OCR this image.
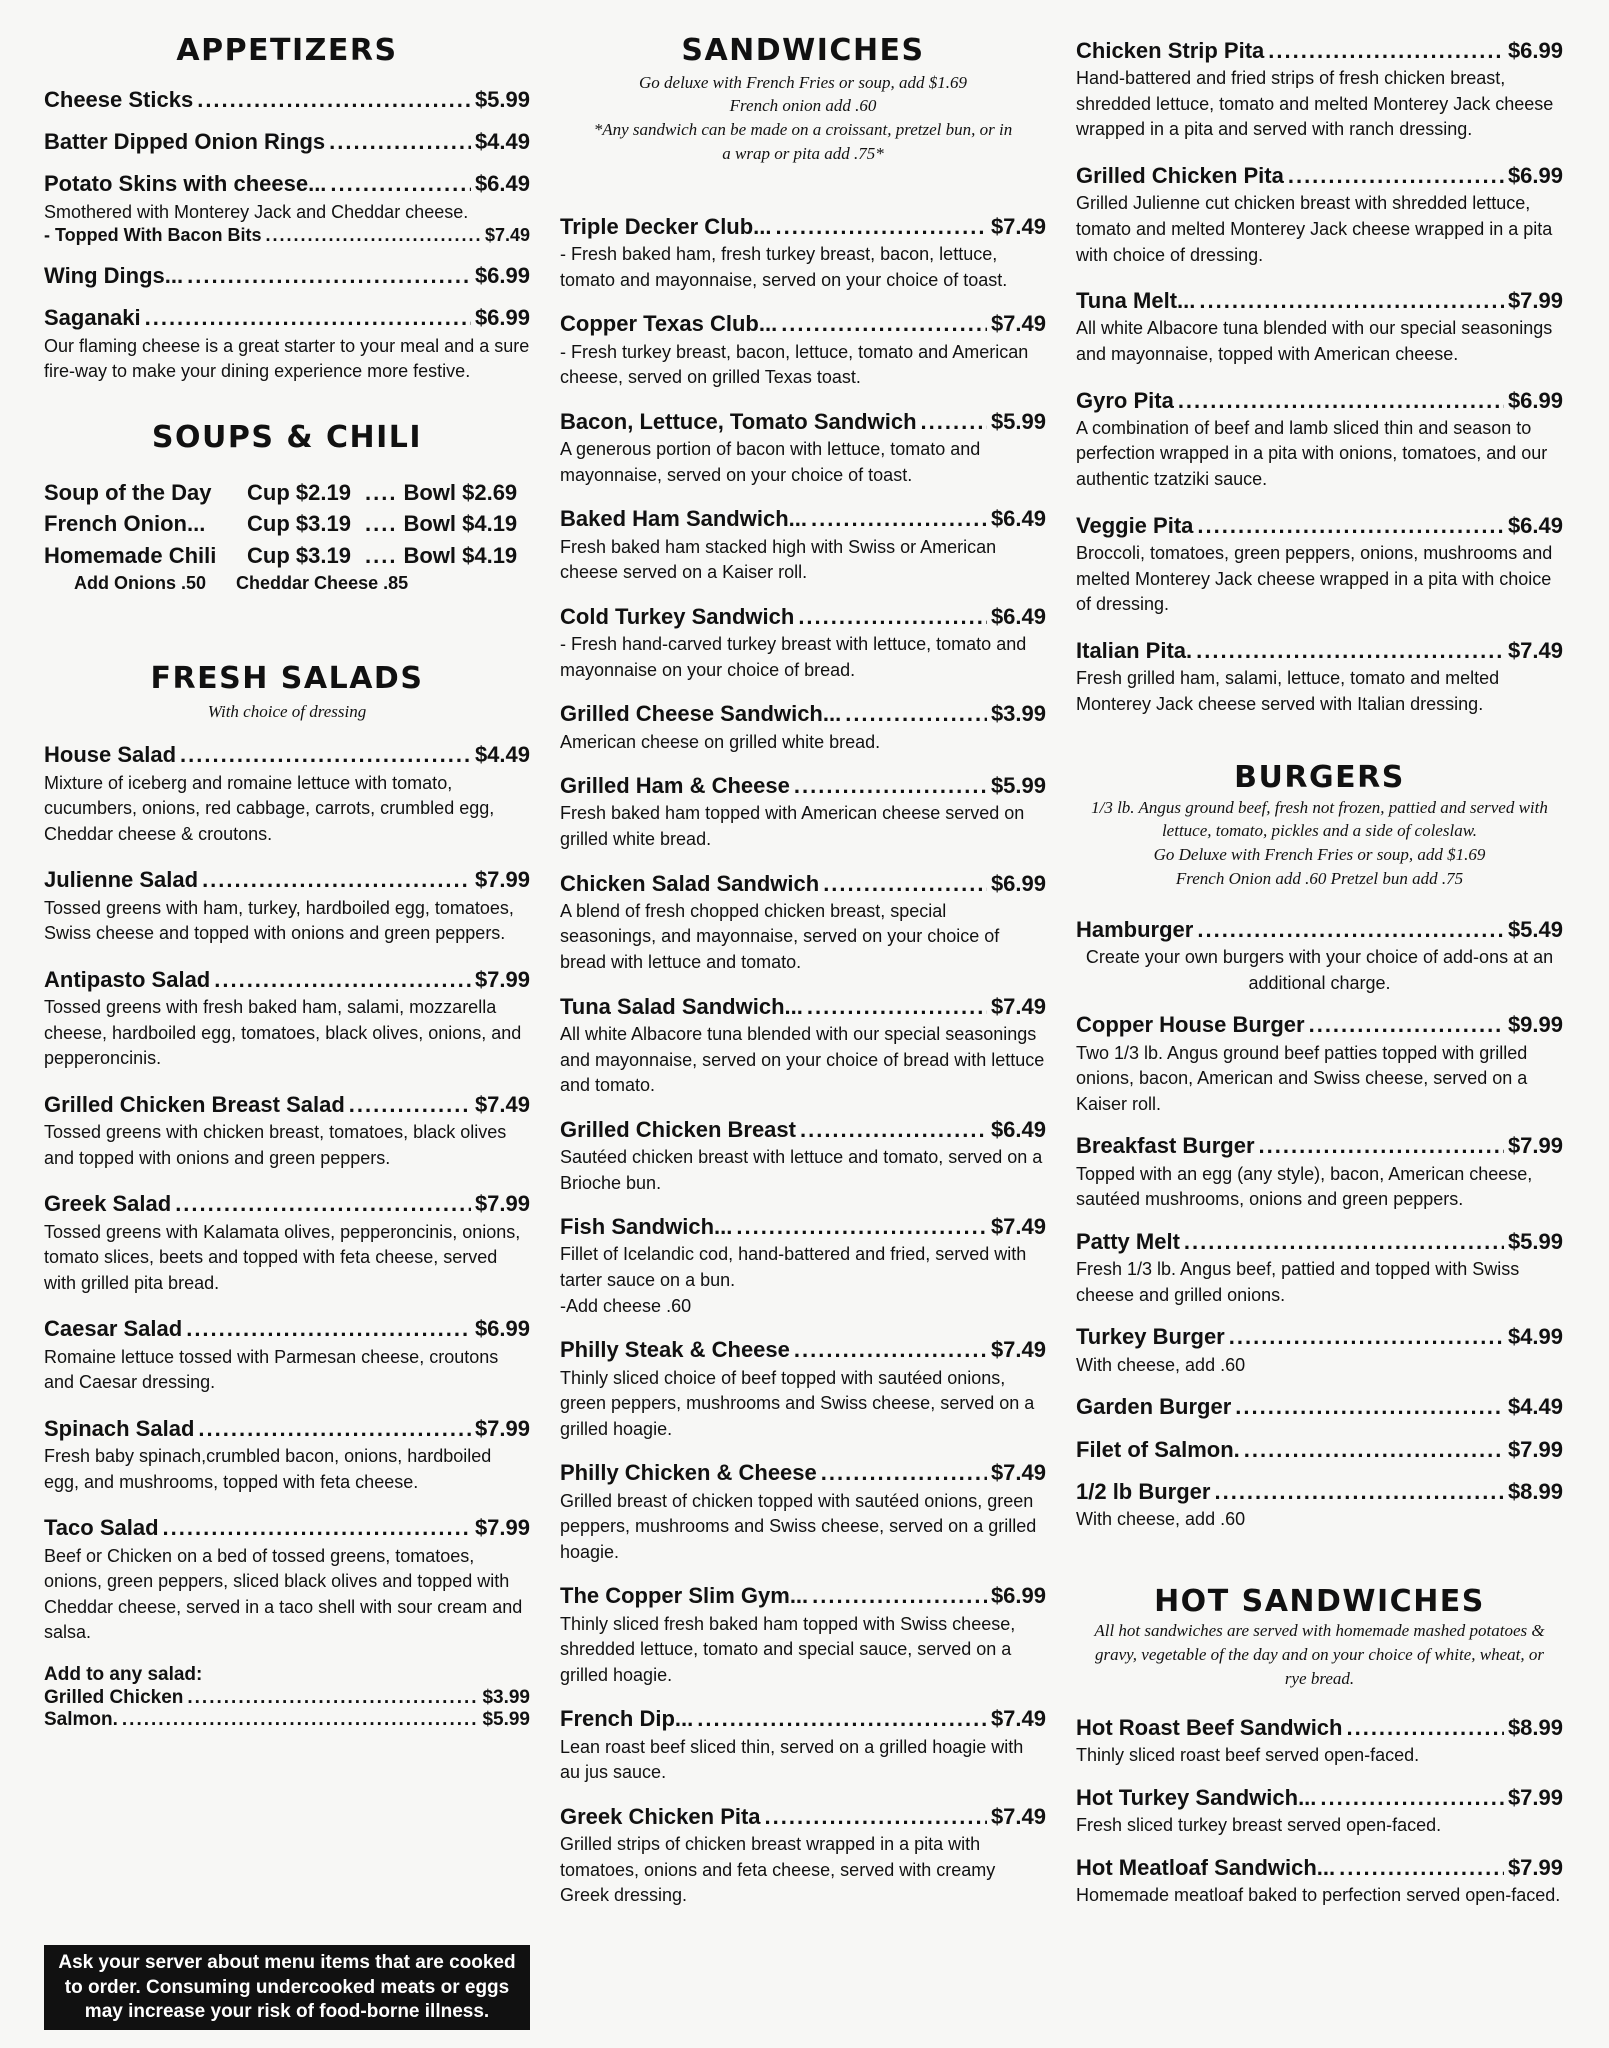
APPETIZERS
Cheese Sticks .....	$5.99
Batter Dipped Onion Rings .....	$4.49
Potato Skins with cheese... .....	$6.49

Smothered with Monterey Jack and Cheddar cheese.

- Topped With Bacon Bits .....	$7.49
Wing Dings... .....	$6.99
Saganaki .....	$6.99

Our flaming cheese is a great starter to your meal and a sure fire-way to make your dining experience more festive.

SOUPS & CHILI
Soup of the Day	Cup $2.19 .... Bowl $2.69
French Onion...	Cup $3.19 .... Bowl $4.19
Homemade Chili	Cup $3.19 .... Bowl $4.19
Add Onions .50 Cheddar Cheese .85
FRESH SALADS

With choice of dressing

House Salad .....	$4.49

Mixture of iceberg and romaine lettuce with tomato, cucumbers, onions, red cabbage, carrots, crumbled egg, Cheddar cheese & croutons.

Julienne Salad .....	$7.99

Tossed greens with ham, turkey, hardboiled egg, tomatoes, Swiss cheese and topped with onions and green peppers.

Antipasto Salad .....	$7.99

Tossed greens with fresh baked ham, salami, mozzarella cheese, hardboiled egg, tomatoes, black olives, onions, and pepperoncinis.

Grilled Chicken Breast Salad .....	$7.49

Tossed greens with chicken breast, tomatoes, black olives and topped with onions and green peppers.

Greek Salad .....	$7.99

Tossed greens with Kalamata olives, pepperoncinis, onions, tomato slices, beets and topped with feta cheese, served with grilled pita bread.

Caesar Salad .....	$6.99

Romaine lettuce tossed with Parmesan cheese, croutons and Caesar dressing.

Spinach Salad .....	$7.99

Fresh baby spinach,crumbled bacon, onions, hardboiled egg, and mushrooms, topped with feta cheese.

Taco Salad .....	$7.99

Beef or Chicken on a bed of tossed greens, tomatoes, onions, green peppers, sliced black olives and topped with Cheddar cheese, served in a taco shell with sour cream and salsa.

Add to any salad:
Grilled Chicken .....	$3.99
Salmon. .....	$5.99
SANDWICHES

Go deluxe with French Fries or soup, add $1.69

French onion add .60

*Any sandwich can be made on a croissant, pretzel bun, or in a wrap or pita add .75*

Triple Decker Club... .....	$7.49

- Fresh baked ham, fresh turkey breast, bacon, lettuce, tomato and mayonnaise, served on your choice of toast.

Copper Texas Club... .....	$7.49

- Fresh turkey breast, bacon, lettuce, tomato and American cheese, served on grilled Texas toast.

Bacon, Lettuce, Tomato Sandwich .....	$5.99

A generous portion of bacon with lettuce, tomato and mayonnaise, served on your choice of toast.

Baked Ham Sandwich... .....	$6.49

Fresh baked ham stacked high with Swiss or American cheese served on a Kaiser roll.

Cold Turkey Sandwich .....	$6.49

- Fresh hand-carved turkey breast with lettuce, tomato and mayonnaise on your choice of bread.

Grilled Cheese Sandwich... .....	$3.99

American cheese on grilled white bread.

Grilled Ham & Cheese .....	$5.99

Fresh baked ham topped with American cheese served on grilled white bread.

Chicken Salad Sandwich .....	$6.99

A blend of fresh chopped chicken breast, special seasonings, and mayonnaise, served on your choice of bread with lettuce and tomato.

Tuna Salad Sandwich... .....	$7.49

All white Albacore tuna blended with our special seasonings and mayonnaise, served on your choice of bread with lettuce and tomato.

Grilled Chicken Breast .....	$6.49

Sautéed chicken breast with lettuce and tomato, served on a Brioche bun.

Fish Sandwich... .....	$7.49

Fillet of Icelandic cod, hand-battered and fried, served with tarter sauce on a bun.
-Add cheese .60

Philly Steak & Cheese .....	$7.49

Thinly sliced choice of beef topped with sautéed onions, green peppers, mushrooms and Swiss cheese, served on a grilled hoagie.

Philly Chicken & Cheese .....	$7.49

Grilled breast of chicken topped with sautéed onions, green peppers, mushrooms and Swiss cheese, served on a grilled hoagie.

The Copper Slim Gym... .....	$6.99

Thinly sliced fresh baked ham topped with Swiss cheese, shredded lettuce, tomato and special sauce, served on a grilled hoagie.

French Dip... .....	$7.49

Lean roast beef sliced thin, served on a grilled hoagie with au jus sauce.

Greek Chicken Pita .....	$7.49

Grilled strips of chicken breast wrapped in a pita with tomatoes, onions and feta cheese, served with creamy Greek dressing.

Chicken Strip Pita .....	$6.99

Hand-battered and fried strips of fresh chicken breast, shredded lettuce, tomato and melted Monterey Jack cheese wrapped in a pita and served with ranch dressing.

Grilled Chicken Pita .....	$6.99

Grilled Julienne cut chicken breast with shredded lettuce, tomato and melted Monterey Jack cheese wrapped in a pita with choice of dressing.

Tuna Melt... .....	$7.99

All white Albacore tuna blended with our special seasonings and mayonnaise, topped with American cheese.

Gyro Pita .....	$6.99

A combination of beef and lamb sliced thin and season to perfection wrapped in a pita with onions, tomatoes, and our authentic tzatziki sauce.

Veggie Pita .....	$6.49

Broccoli, tomatoes, green peppers, onions, mushrooms and melted Monterey Jack cheese wrapped in a pita with choice of dressing.

Italian Pita. .....	$7.49

Fresh grilled ham, salami, lettuce, tomato and melted Monterey Jack cheese served with Italian dressing.

BURGERS

1/3 lb. Angus ground beef, fresh not frozen, pattied and served with lettuce, tomato, pickles and a side of coleslaw.

Go Deluxe with French Fries or soup, add $1.69

French Onion add .60 Pretzel bun add .75

Hamburger .....	$5.49

Create your own burgers with your choice of add-ons at an additional charge.

Copper House Burger .....	$9.99

Two 1/3 lb. Angus ground beef patties topped with grilled onions, bacon, American and Swiss cheese, served on a Kaiser roll.

Breakfast Burger .....	$7.99

Topped with an egg (any style), bacon, American cheese, sautéed mushrooms, onions and green peppers.

Patty Melt .....	$5.99

Fresh 1/3 lb. Angus beef, pattied and topped with Swiss cheese and grilled onions.

Turkey Burger .....	$4.99

With cheese, add .60

Garden Burger .....	$4.49
Filet of Salmon. .....	$7.99
1/2 lb Burger .....	$8.99

With cheese, add .60

HOT SANDWICHES

All hot sandwiches are served with homemade mashed potatoes & gravy, vegetable of the day and on your choice of white, wheat, or rye bread.

Hot Roast Beef Sandwich .....	$8.99

Thinly sliced roast beef served open-faced.

Hot Turkey Sandwich... .....	$7.99

Fresh sliced turkey breast served open-faced.

Hot Meatloaf Sandwich... .....	$7.99

Homemade meatloaf baked to perfection served open-faced.

Ask your server about menu items that are cooked to order. Consuming undercooked meats or eggs may increase your risk of food-borne illness.
